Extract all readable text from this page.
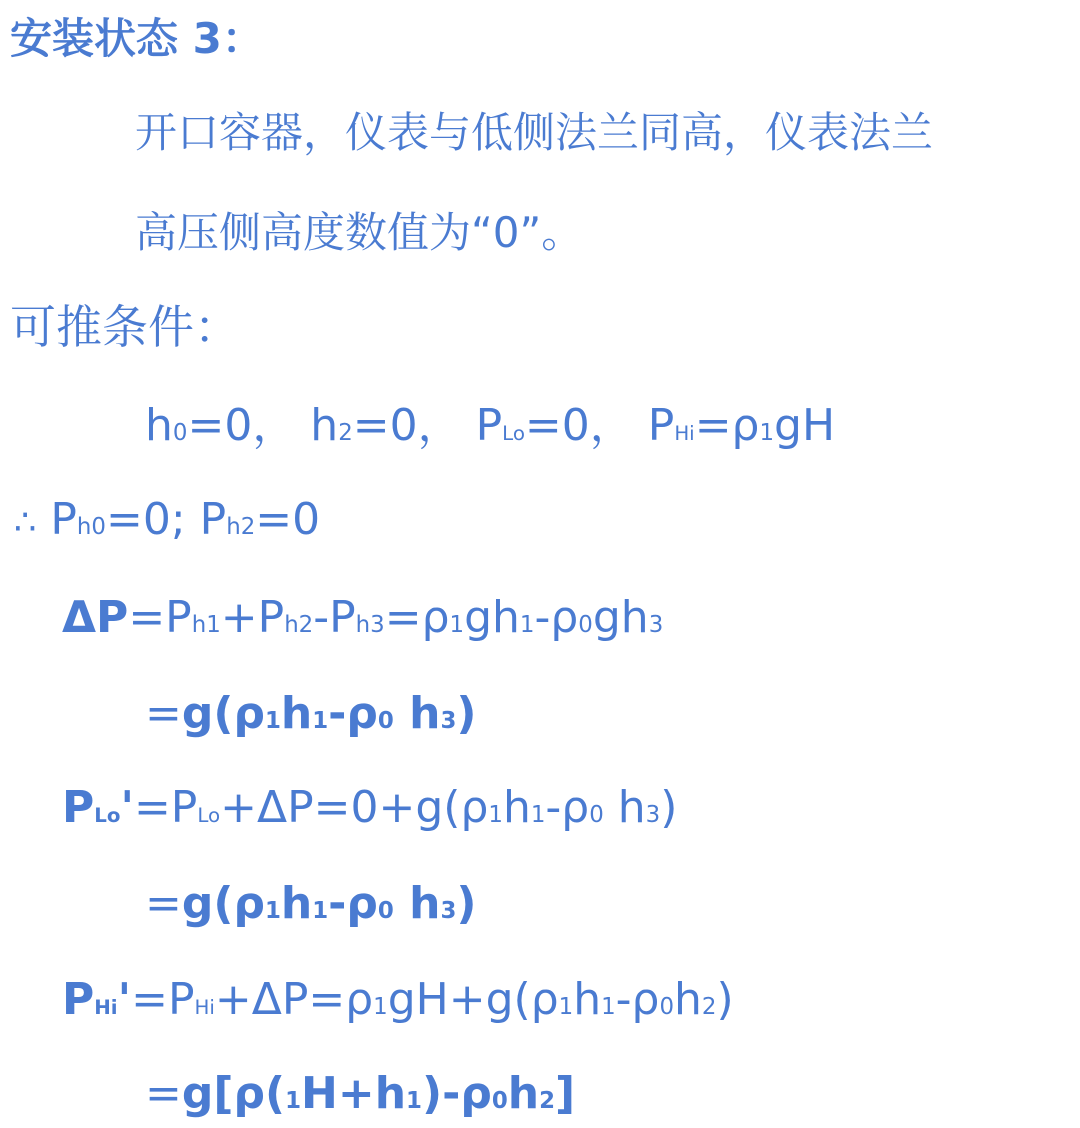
安装状态 3：
开口容器，仪表与低侧法兰同高，仪表法兰
高压侧高度数值为“0”。
可推条件：
h0=0， h2=0， PLo=0， PHi=ρ1gH
∴ Ph0=0; Ph2=0
ΔP=Ph1+Ph2-Ph3=ρ1gh1-ρ0gh3
=g(ρ1h1-ρ0 h3)
PLo'=PLo+ΔP=0+g(ρ1h1-ρ0 h3)
=g(ρ1h1-ρ0 h3)
PHi'=PHi+ΔP=ρ1gH+g(ρ1h1-ρ0h2)
=g[ρ(1H+h1)-ρ0h2]
